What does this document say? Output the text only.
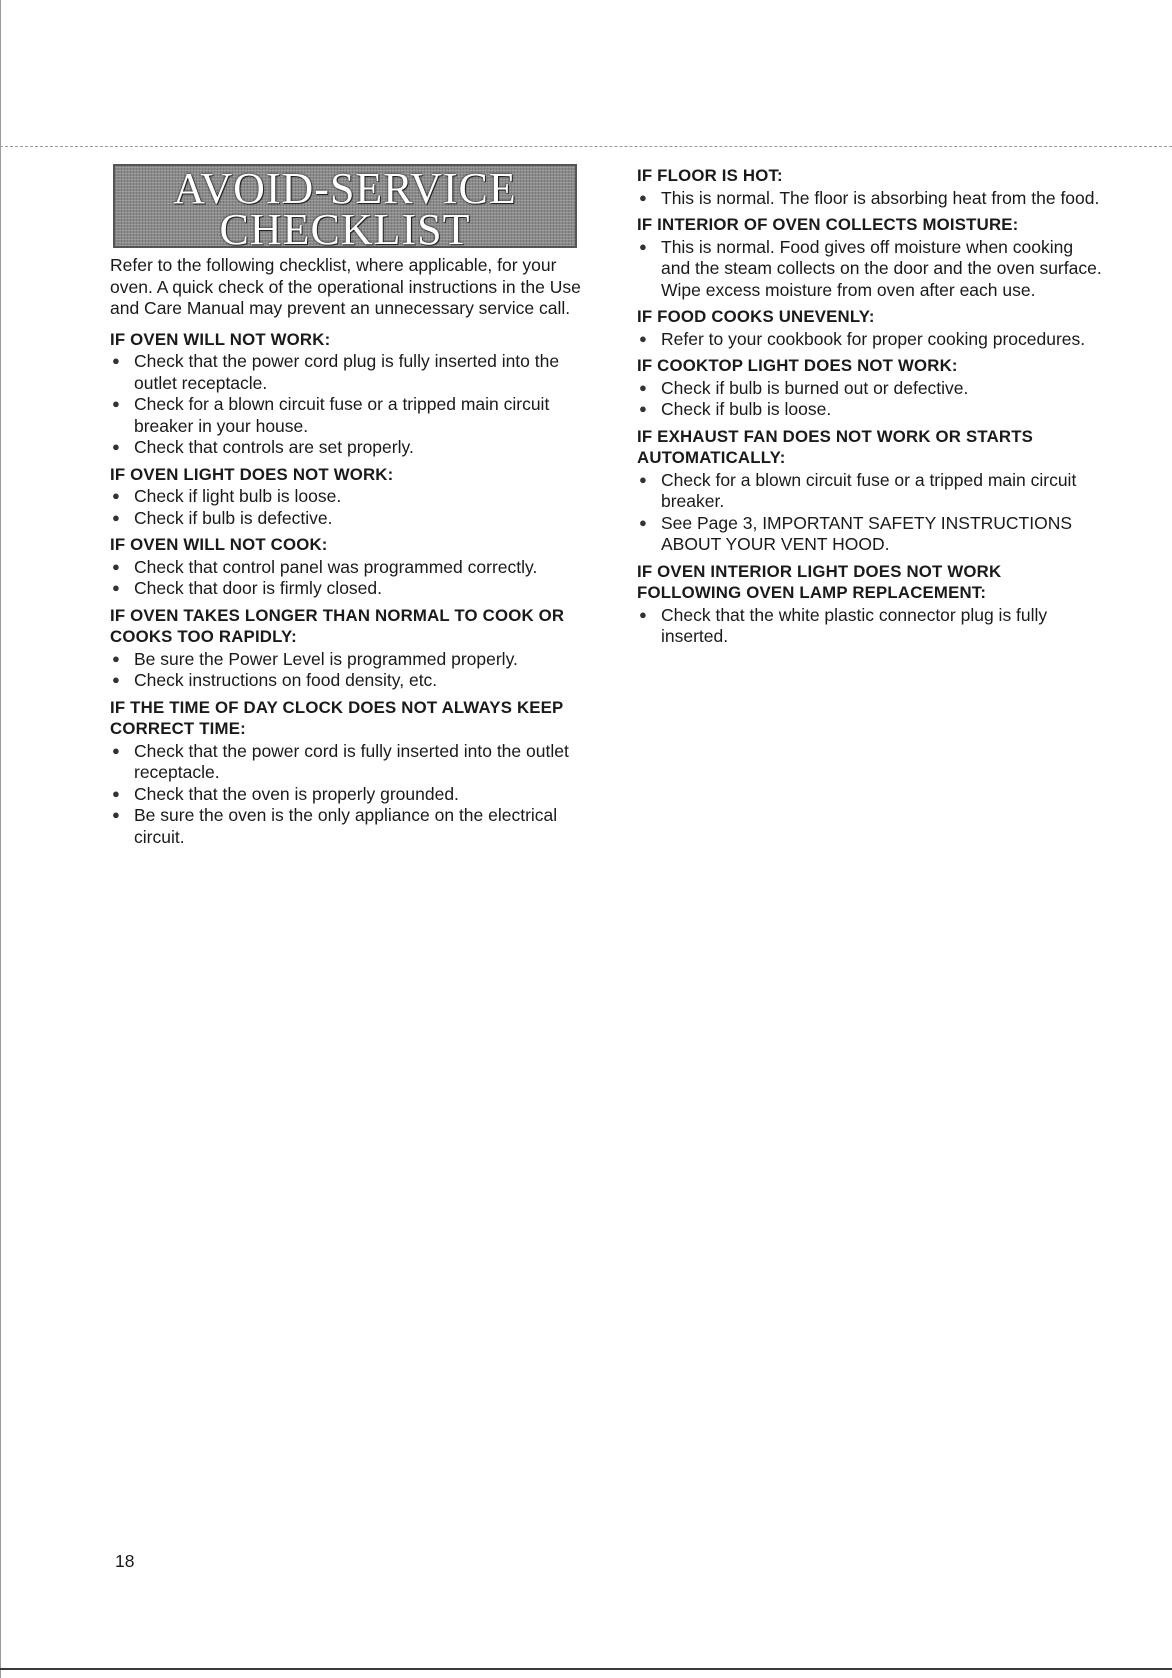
AVOID-SERVICE
CHECKLIST

Refer to the following checklist, where applicable, for your oven. A quick check of the operational instructions in the Use and Care Manual may prevent an unnecessary service call.

IF OVEN WILL NOT WORK:
● Check that the power cord plug is fully inserted into the outlet receptacle.
● Check for a blown circuit fuse or a tripped main circuit breaker in your house.
● Check that controls are set properly.
IF OVEN LIGHT DOES NOT WORK:
● Check if light bulb is loose.
● Check if bulb is defective.
IF OVEN WILL NOT COOK:
● Check that control panel was programmed correctly.
● Check that door is firmly closed.
IF OVEN TAKES LONGER THAN NORMAL TO COOK OR COOKS TOO RAPIDLY:
● Be sure the Power Level is programmed properly.
● Check instructions on food density, etc.
IF THE TIME OF DAY CLOCK DOES NOT ALWAYS KEEP CORRECT TIME:
● Check that the power cord is fully inserted into the outlet receptacle.
● Check that the oven is properly grounded.
● Be sure the oven is the only appliance on the electrical circuit.
IF FLOOR IS HOT:
● This is normal. The floor is absorbing heat from the food.
IF INTERIOR OF OVEN COLLECTS MOISTURE:
● This is normal. Food gives off moisture when cooking and the steam collects on the door and the oven surface. Wipe excess moisture from oven after each use.
IF FOOD COOKS UNEVENLY:
● Refer to your cookbook for proper cooking procedures.
IF COOKTOP LIGHT DOES NOT WORK:
● Check if bulb is burned out or defective.
● Check if bulb is loose.
IF EXHAUST FAN DOES NOT WORK OR STARTS AUTOMATICALLY:
● Check for a blown circuit fuse or a tripped main circuit breaker.
● See Page 3, IMPORTANT SAFETY INSTRUCTIONS ABOUT YOUR VENT HOOD.
IF OVEN INTERIOR LIGHT DOES NOT WORK FOLLOWING OVEN LAMP REPLACEMENT:
● Check that the white plastic connector plug is fully inserted.
18
